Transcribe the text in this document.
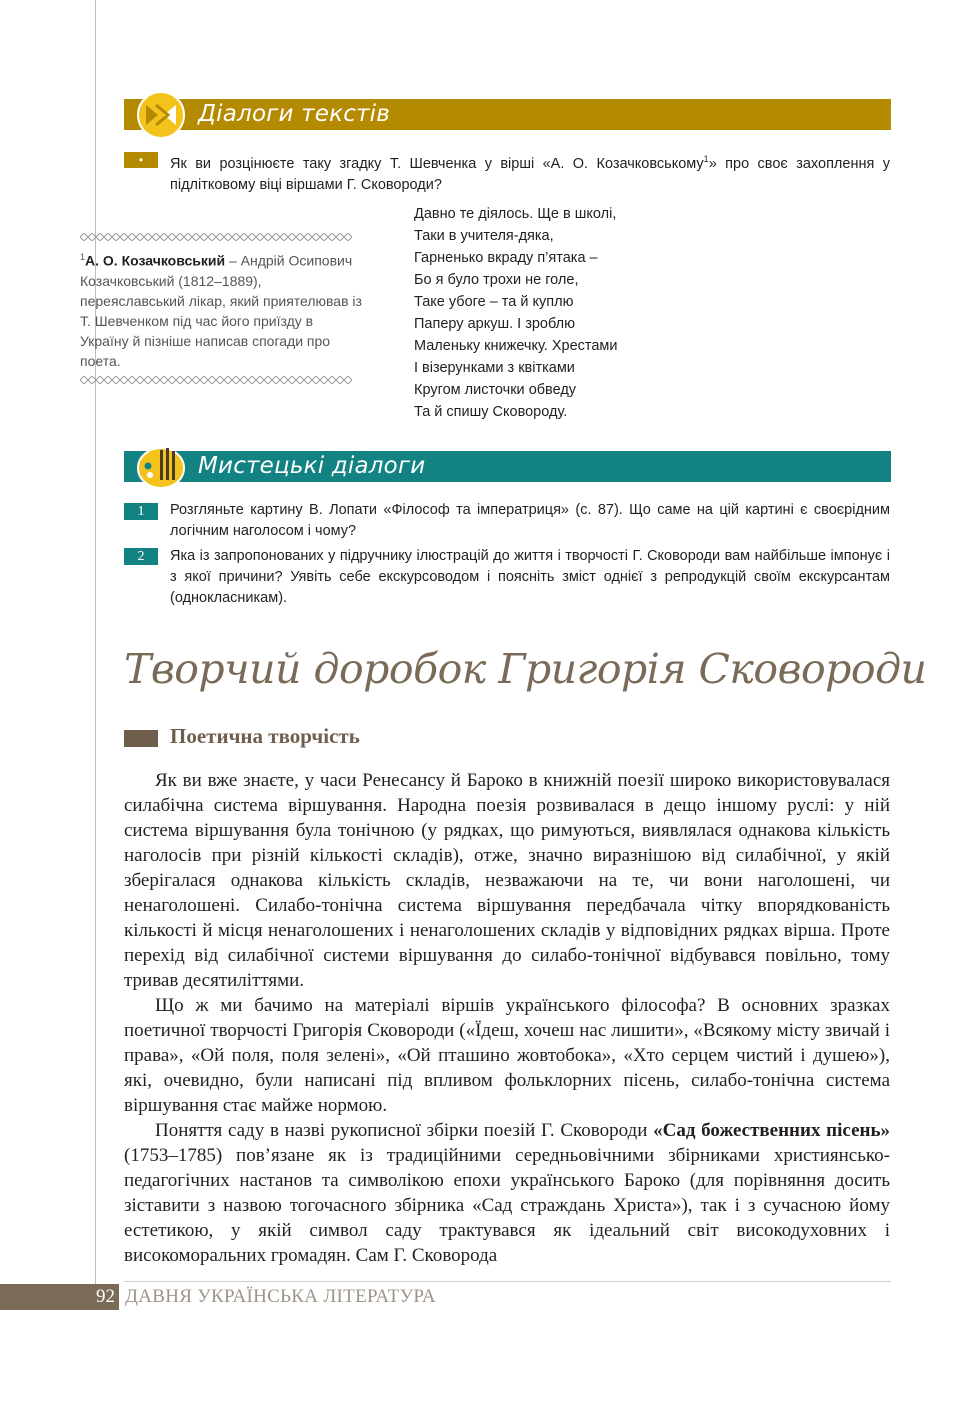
Діалоги текстів
•	Як ви розцінюєте таку згадку Т. Шевченка у вірші «А. О. Козачковському$^1$» про своє захоплення у підлітковому віці віршами Г. Сковороди?
$^1$А. О. Козачковський – Андрій Осипович Козачковський (1812–1889), переяславський лікар, який приятелював із Т. Шевченком під час його приїзду в Україну й пізніше написав спогади про поета.
Давно те діялось. Ще в школі,
Таки в учителя-дяка,
Гарненько вкраду п’ятака –
Бо я було трохи не голе,
Таке убоге – та й куплю
Паперу аркуш. І зроблю
Маленьку книжечку. Хрестами
І візерунками з квітками
Кругом листочки обведу
Та й спишу Сковороду.
Мистецькі діалоги
1	Розгляньте картину В. Лопати «Філософ та імператриця» (с. 87). Що саме на цій картині є своєрідним логічним наголосом і чому?
2	Яка із запропонованих у підручнику ілюстрацій до життя і творчості Г. Сковороди вам найбільше імпонує і з якої причини? Уявіть себе екскурсоводом і поясніть зміст однієї з репродукцій своїм екскурсантам (однокласникам).
Творчий доробок Григорія Сковороди
Поетична творчість

Як ви вже знаєте, у часи Ренесансу й Бароко в книжній поезії широко використовувалася силабічна система віршування. Народна поезія розвивалася в дещо іншому руслі: у ній система віршування була тонічною (у рядках, що римуються, виявлялася однакова кількість наголосів при різній кількості складів), отже, значно виразнішою від силабічної, у якій зберігалася однакова кількість складів, незважаючи на те, чи вони наголошені, чи ненаголошені. Силабо-тонічна система віршування передбачала чітку впорядкованість кількості й місця ненаголошених і ненаголошених складів у відповідних рядках вірша. Проте перехід від силабічної системи віршування до силабо-тонічної відбувався повільно, тому тривав десятиліттями.

Що ж ми бачимо на матеріалі віршів українського філософа? В основних зразках поетичної творчості Григорія Сковороди («Їдеш, хочеш нас лишити», «Всякому місту звичай і права», «Ой поля, поля зелені», «Ой пташино жовтобока», «Хто серцем чистий і душею»), які, очевидно, були написані під впливом фольклорних пісень, силабо-тонічна система віршування стає майже нормою.

Поняття саду в назві рукописної збірки поезій Г. Сковороди «Сад божественних пісень» (1753–1785) пов’язане як із традиційними середньовічними збірниками християнсько-педагогічних настанов та символікою епохи українського Бароко (для порівняння досить зіставити з назвою тогочасного збірника «Сад страждань Христа»), так і з сучасною йому естетикою, у якій символ саду трактувався як ідеальний світ високодуховних і високоморальних громадян. Сам Г. Сковорода

92 ДАВНЯ УКРАЇНСЬКА ЛІТЕРАТУРА
